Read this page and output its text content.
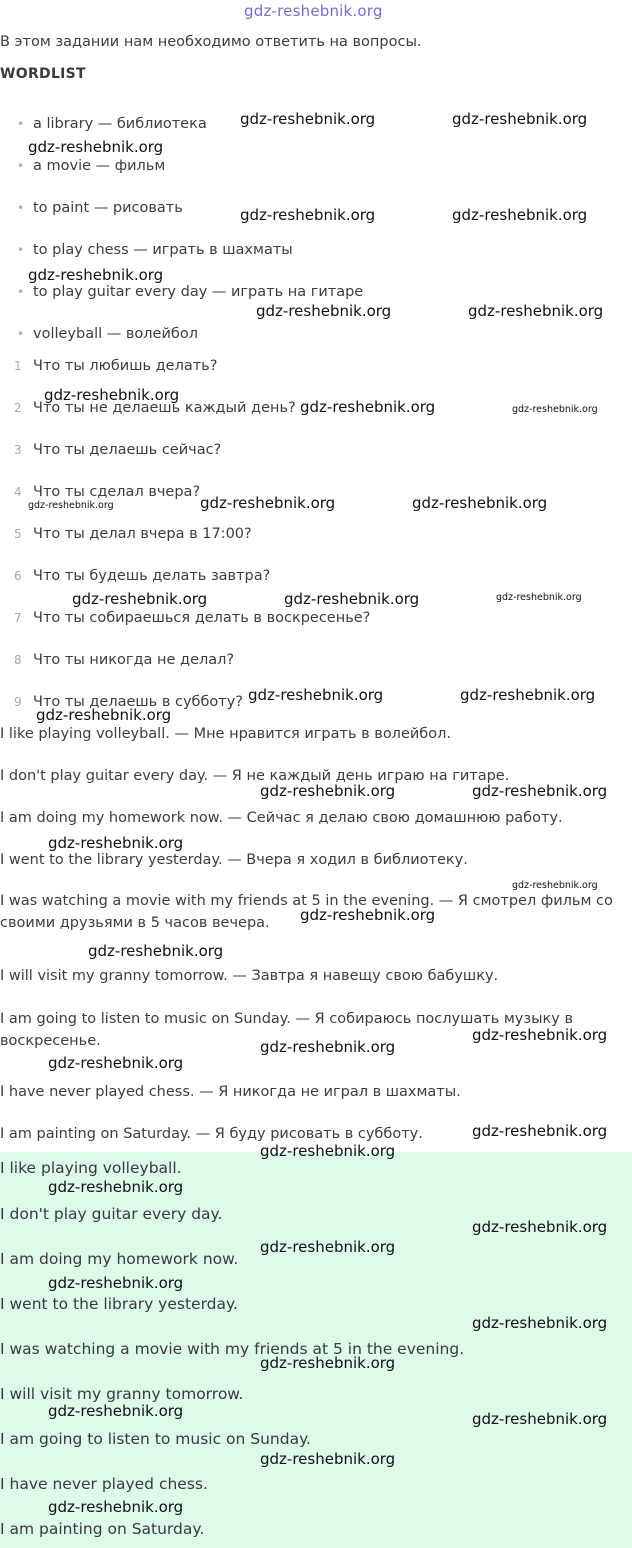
gdz-reshebnik.org
В этом задании нам необходимо ответить на вопросы.
WORDLIST
• a library — библиотека
• a movie — фильм
• to paint — рисовать
• to play chess — играть в шахматы
• to play guitar every day — играть на гитаре
• volleyball — волейбол
1 Что ты любишь делать?
2 Что ты не делаешь каждый день?
3 Что ты делаешь сейчас?
4 Что ты сделал вчера?
5 Что ты делал вчера в 17:00?
6 Что ты будешь делать завтра?
7 Что ты собираешься делать в воскресенье?
8 Что ты никогда не делал?
9 Что ты делаешь в субботу?
I like playing volleyball. — Мне нравится играть в волейбол.
I don't play guitar every day. — Я не каждый день играю на гитаре.
I am doing my homework now. — Сейчас я делаю свою домашнюю работу.
I went to the library yesterday. — Вчера я ходил в библиотеку.
I was watching a movie with my friends at 5 in the evening. — Я смотрел фильм со своими друзьями в 5 часов вечера.
I will visit my granny tomorrow. — Завтра я навещу свою бабушку.
I am going to listen to music on Sunday. — Я собираюсь послушать музыку в воскресенье.
I have never played chess. — Я никогда не играл в шахматы.
I am painting on Saturday. — Я буду рисовать в субботу.
I like playing volleyball.
I don't play guitar every day.
I am doing my homework now.
I went to the library yesterday.
I was watching a movie with my friends at 5 in the evening.
I will visit my granny tomorrow.
I am going to listen to music on Sunday.
I have never played chess.
I am painting on Saturday.
gdz-reshebnik.org	gdz-reshebnik.org
gdz-reshebnik.org
gdz-reshebnik.org	gdz-reshebnik.org
gdz-reshebnik.org
gdz-reshebnik.org	gdz-reshebnik.org
gdz-reshebnik.org
gdz-reshebnik.org	gdz-reshebnik.org
gdz-reshebnik.org	gdz-reshebnik.org	gdz-reshebnik.org
gdz-reshebnik.org	gdz-reshebnik.org	gdz-reshebnik.org
gdz-reshebnik.org	gdz-reshebnik.org
gdz-reshebnik.org
gdz-reshebnik.org	gdz-reshebnik.org
gdz-reshebnik.org
gdz-reshebnik.org
gdz-reshebnik.org
gdz-reshebnik.org
gdz-reshebnik.org
gdz-reshebnik.org
gdz-reshebnik.org
gdz-reshebnik.org
gdz-reshebnik.org
gdz-reshebnik.org
gdz-reshebnik.org
gdz-reshebnik.org
gdz-reshebnik.org
gdz-reshebnik.org
gdz-reshebnik.org
gdz-reshebnik.org	gdz-reshebnik.org
gdz-reshebnik.org
gdz-reshebnik.org
